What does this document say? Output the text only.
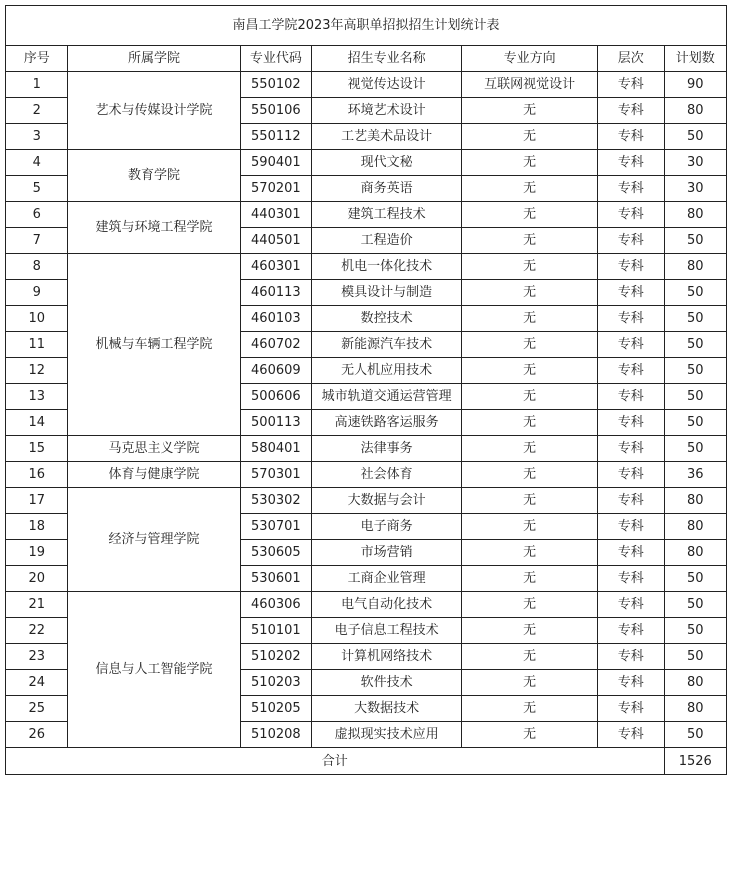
南昌工学院2023年高职单招拟招生计划统计表						
序号	所属学院	专业代码	招生专业名称	专业方向	层次	计划数
1	艺术与传媒设计学院	550102	视觉传达设计	互联网视觉设计	专科	90
2		550106	环境艺术设计	无	专科	80
3		550112	工艺美术品设计	无	专科	50
4	教育学院	590401	现代文秘	无	专科	30
5		570201	商务英语	无	专科	30
6	建筑与环境工程学院	440301	建筑工程技术	无	专科	80
7		440501	工程造价	无	专科	50
8	机械与车辆工程学院	460301	机电一体化技术	无	专科	80
9		460113	模具设计与制造	无	专科	50
10		460103	数控技术	无	专科	50
11		460702	新能源汽车技术	无	专科	50
12		460609	无人机应用技术	无	专科	50
13		500606	城市轨道交通运营管理	无	专科	50
14		500113	高速铁路客运服务	无	专科	50
15	马克思主义学院	580401	法律事务	无	专科	50
16	体育与健康学院	570301	社会体育	无	专科	36
17	经济与管理学院	530302	大数据与会计	无	专科	80
18		530701	电子商务	无	专科	80
19		530605	市场营销	无	专科	80
20		530601	工商企业管理	无	专科	50
21	信息与人工智能学院	460306	电气自动化技术	无	专科	50
22		510101	电子信息工程技术	无	专科	50
23		510202	计算机网络技术	无	专科	50
24		510203	软件技术	无	专科	80
25		510205	大数据技术	无	专科	80
26		510208	虚拟现实技术应用	无	专科	50
合计						1526
